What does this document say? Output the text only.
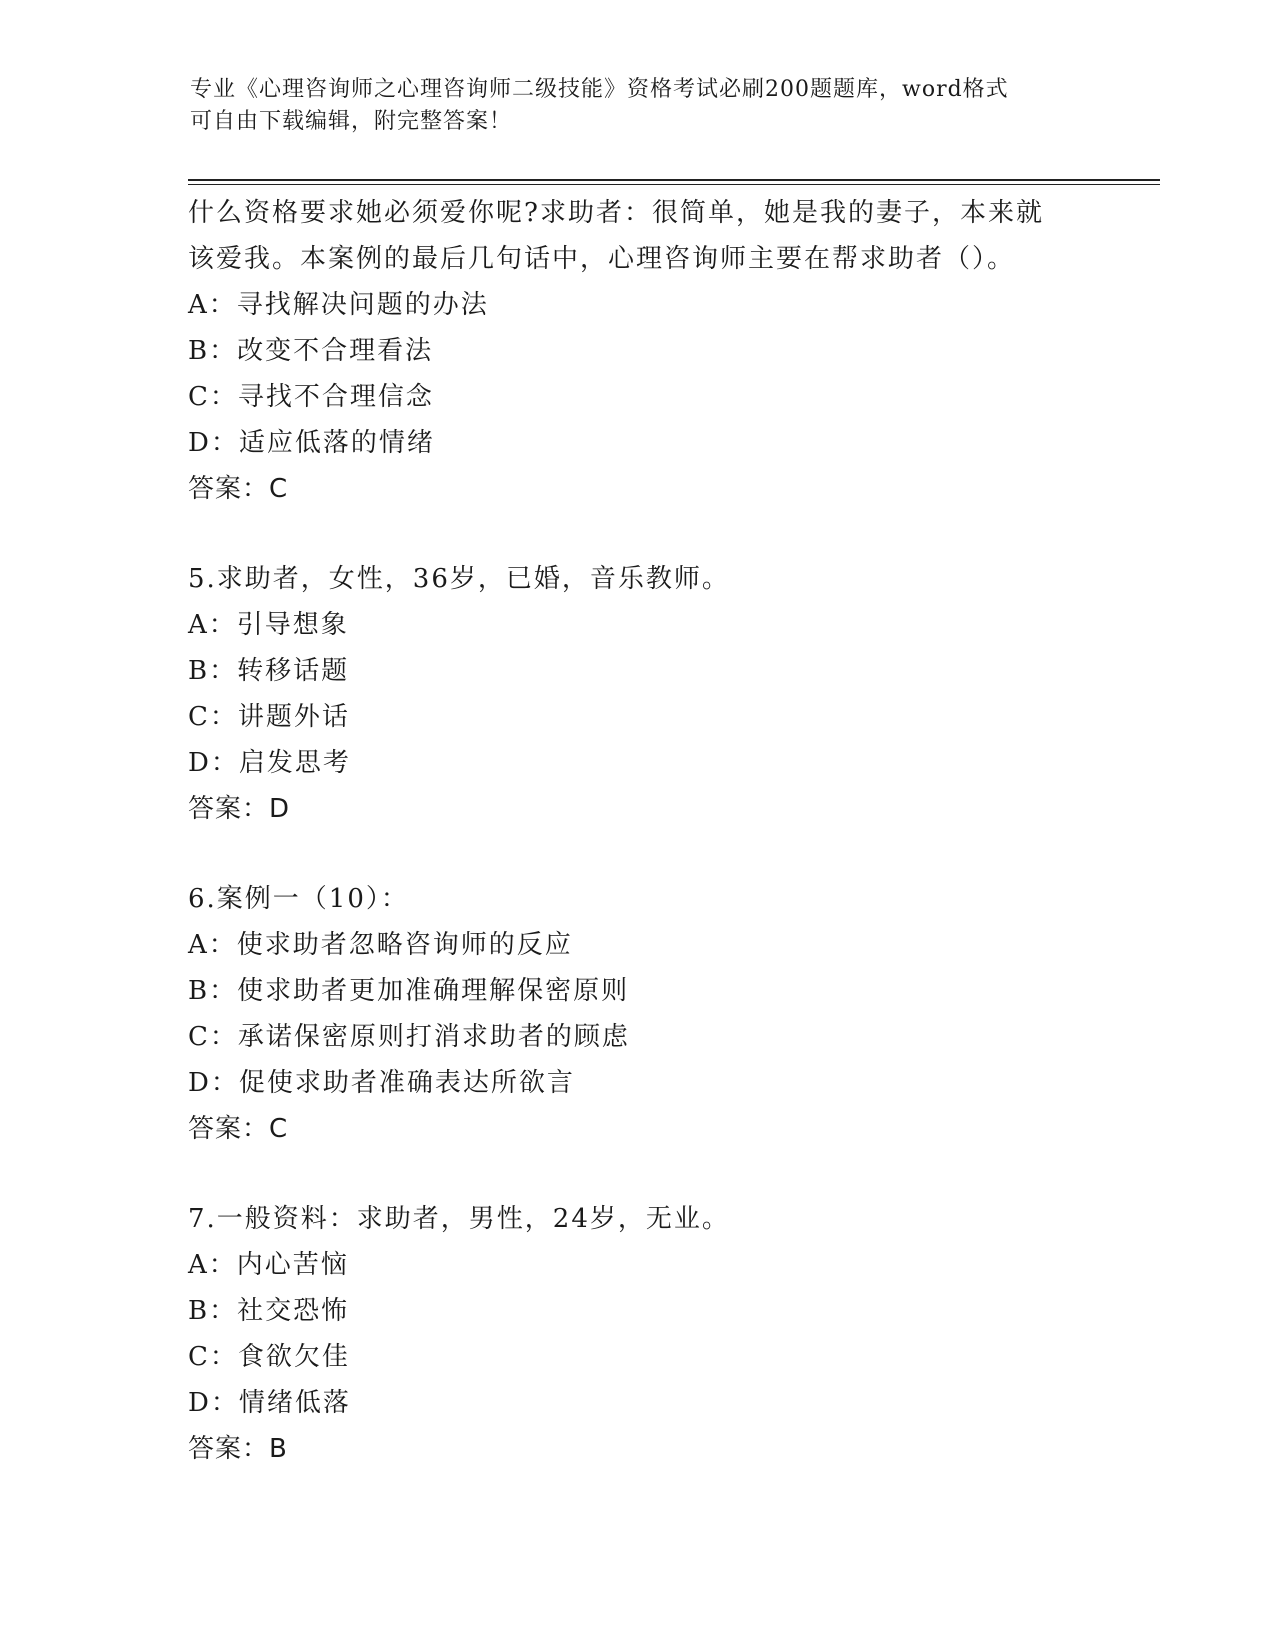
专业《心理咨询师之心理咨询师二级技能》资格考试必刷200题题库，word格式
可自由下载编辑，附完整答案！
什么资格要求她必须爱你呢?求助者：很简单，她是我的妻子，本来就
该爱我。本案例的最后几句话中，心理咨询师主要在帮求助者（）。
A：寻找解决问题的办法
B：改变不合理看法
C：寻找不合理信念
D：适应低落的情绪
答案：C
5.求助者，女性，36岁，已婚，音乐教师。
A：引导想象
B：转移话题
C：讲题外话
D：启发思考
答案：D
6.案例一（10）：
A：使求助者忽略咨询师的反应
B：使求助者更加准确理解保密原则
C：承诺保密原则打消求助者的顾虑
D：促使求助者准确表达所欲言
答案：C
7.一般资料：求助者，男性，24岁，无业。
A：内心苦恼
B：社交恐怖
C：食欲欠佳
D：情绪低落
答案：B
